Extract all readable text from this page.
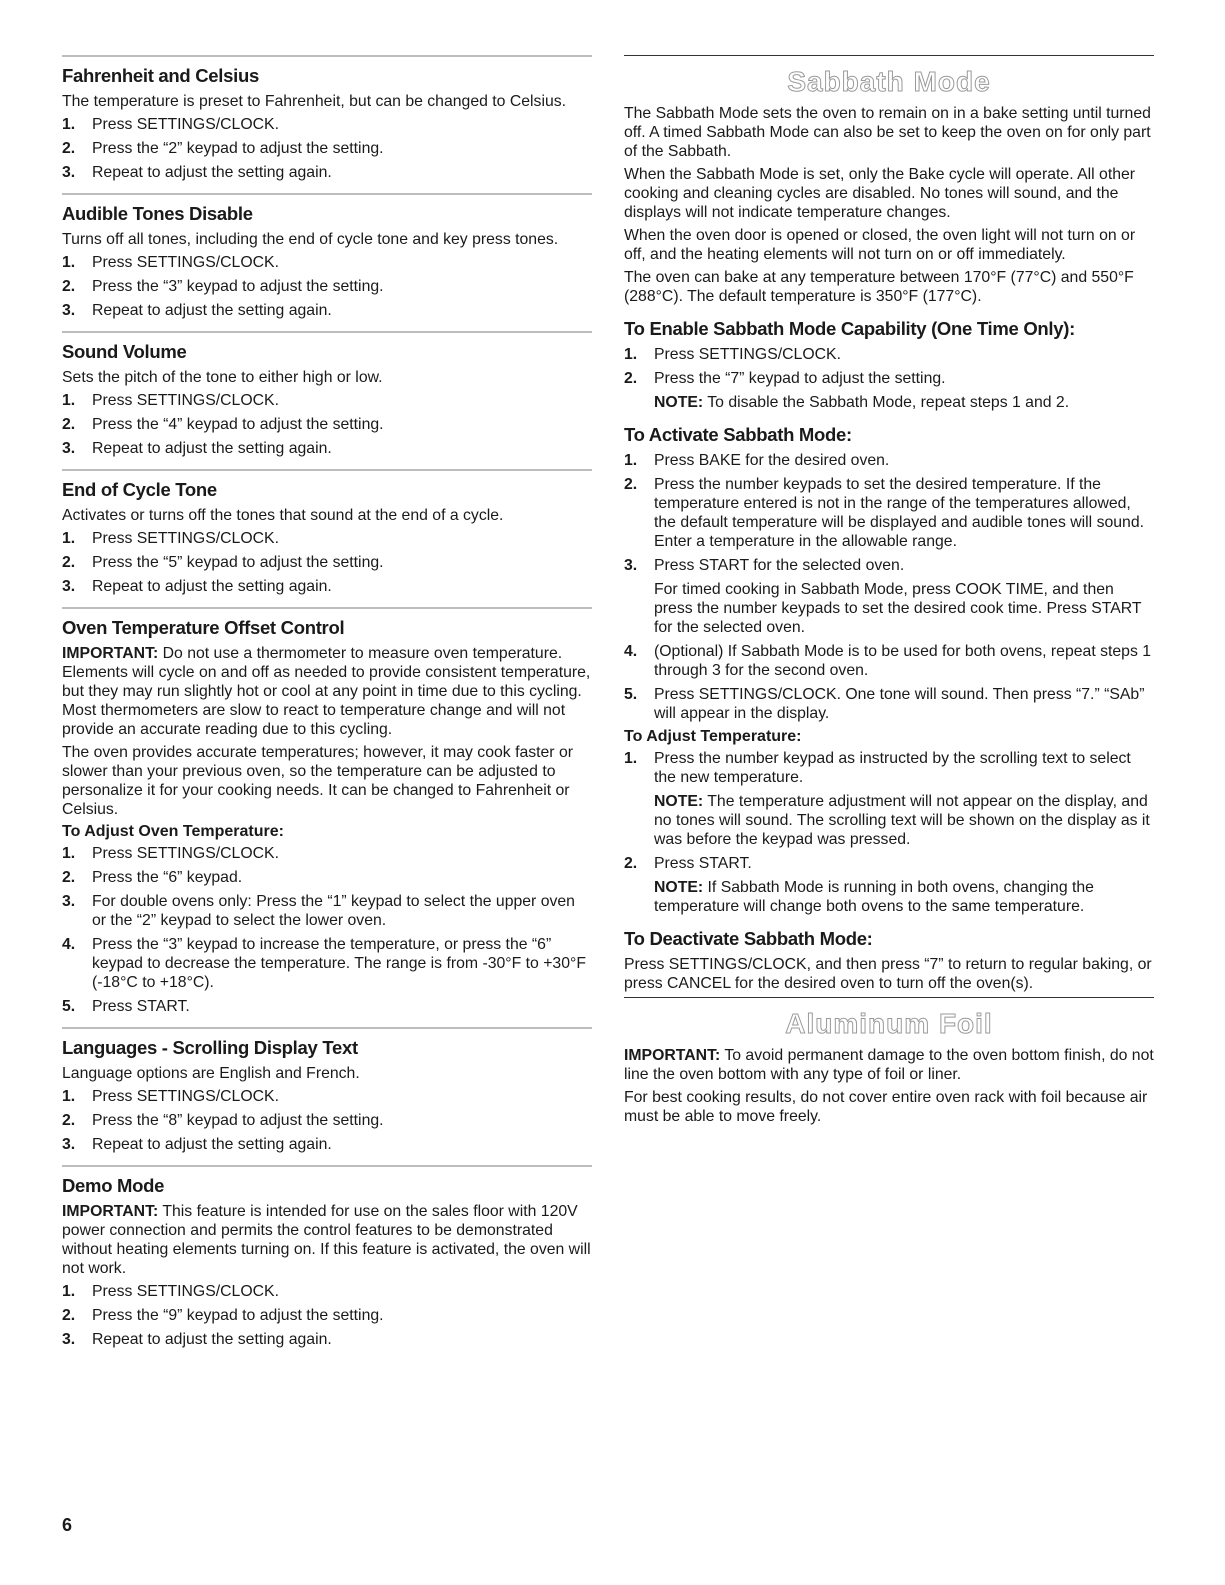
Fahrenheit and Celsius

The temperature is preset to Fahrenheit, but can be changed to Celsius.

1.	Press SETTINGS/CLOCK.
2.	Press the “2” keypad to adjust the setting.
3.	Repeat to adjust the setting again.
Audible Tones Disable

Turns off all tones, including the end of cycle tone and key press tones.

1.	Press SETTINGS/CLOCK.
2.	Press the “3” keypad to adjust the setting.
3.	Repeat to adjust the setting again.
Sound Volume

Sets the pitch of the tone to either high or low.

1.	Press SETTINGS/CLOCK.
2.	Press the “4” keypad to adjust the setting.
3.	Repeat to adjust the setting again.
End of Cycle Tone

Activates or turns off the tones that sound at the end of a cycle.

1.	Press SETTINGS/CLOCK.
2.	Press the “5” keypad to adjust the setting.
3.	Repeat to adjust the setting again.
Oven Temperature Offset Control

IMPORTANT: Do not use a thermometer to measure oven temperature. Elements will cycle on and off as needed to provide consistent temperature, but they may run slightly hot or cool at any point in time due to this cycling. Most thermometers are slow to react to temperature change and will not provide an accurate reading due to this cycling.

The oven provides accurate temperatures; however, it may cook faster or slower than your previous oven, so the temperature can be adjusted to personalize it for your cooking needs. It can be changed to Fahrenheit or Celsius.

To Adjust Oven Temperature:
1.	Press SETTINGS/CLOCK.
2.	Press the “6” keypad.
3.	For double ovens only: Press the “1” keypad to select the upper oven or the “2” keypad to select the lower oven.
4.	Press the “3” keypad to increase the temperature, or press the “6” keypad to decrease the temperature. The range is from -30°F to +30°F (-18°C to +18°C).
5.	Press START.
Languages - Scrolling Display Text

Language options are English and French.

1.	Press SETTINGS/CLOCK.
2.	Press the “8” keypad to adjust the setting.
3.	Repeat to adjust the setting again.
Demo Mode

IMPORTANT: This feature is intended for use on the sales floor with 120V power connection and permits the control features to be demonstrated without heating elements turning on. If this feature is activated, the oven will not work.

1.	Press SETTINGS/CLOCK.
2.	Press the “9” keypad to adjust the setting.
3.	Repeat to adjust the setting again.
Sabbath Mode

The Sabbath Mode sets the oven to remain on in a bake setting until turned off. A timed Sabbath Mode can also be set to keep the oven on for only part of the Sabbath.

When the Sabbath Mode is set, only the Bake cycle will operate. All other cooking and cleaning cycles are disabled. No tones will sound, and the displays will not indicate temperature changes.

When the oven door is opened or closed, the oven light will not turn on or off, and the heating elements will not turn on or off immediately.

The oven can bake at any temperature between 170°F (77°C) and 550°F (288°C). The default temperature is 350°F (177°C).

To Enable Sabbath Mode Capability (One Time Only):
1.	Press SETTINGS/CLOCK.
2.	Press the “7” keypad to adjust the setting.

NOTE: To disable the Sabbath Mode, repeat steps 1 and 2.

To Activate Sabbath Mode:
1.	Press BAKE for the desired oven.
2.	Press the number keypads to set the desired temperature. If the temperature entered is not in the range of the temperatures allowed, the default temperature will be displayed and audible tones will sound. Enter a temperature in the allowable range.
3.	Press START for the selected oven.

For timed cooking in Sabbath Mode, press COOK TIME, and then press the number keypads to set the desired cook time. Press START for the selected oven.

4.	(Optional) If Sabbath Mode is to be used for both ovens, repeat steps 1 through 3 for the second oven.
5.	Press SETTINGS/CLOCK. One tone will sound. Then press “7.” “SAb” will appear in the display.
To Adjust Temperature:
1.	Press the number keypad as instructed by the scrolling text to select the new temperature.

NOTE: The temperature adjustment will not appear on the display, and no tones will sound. The scrolling text will be shown on the display as it was before the keypad was pressed.

2.	Press START.

NOTE: If Sabbath Mode is running in both ovens, changing the temperature will change both ovens to the same temperature.

To Deactivate Sabbath Mode:

Press SETTINGS/CLOCK, and then press “7” to return to regular baking, or press CANCEL for the desired oven to turn off the oven(s).

Aluminum Foil

IMPORTANT: To avoid permanent damage to the oven bottom finish, do not line the oven bottom with any type of foil or liner.

For best cooking results, do not cover entire oven rack with foil because air must be able to move freely.

6
